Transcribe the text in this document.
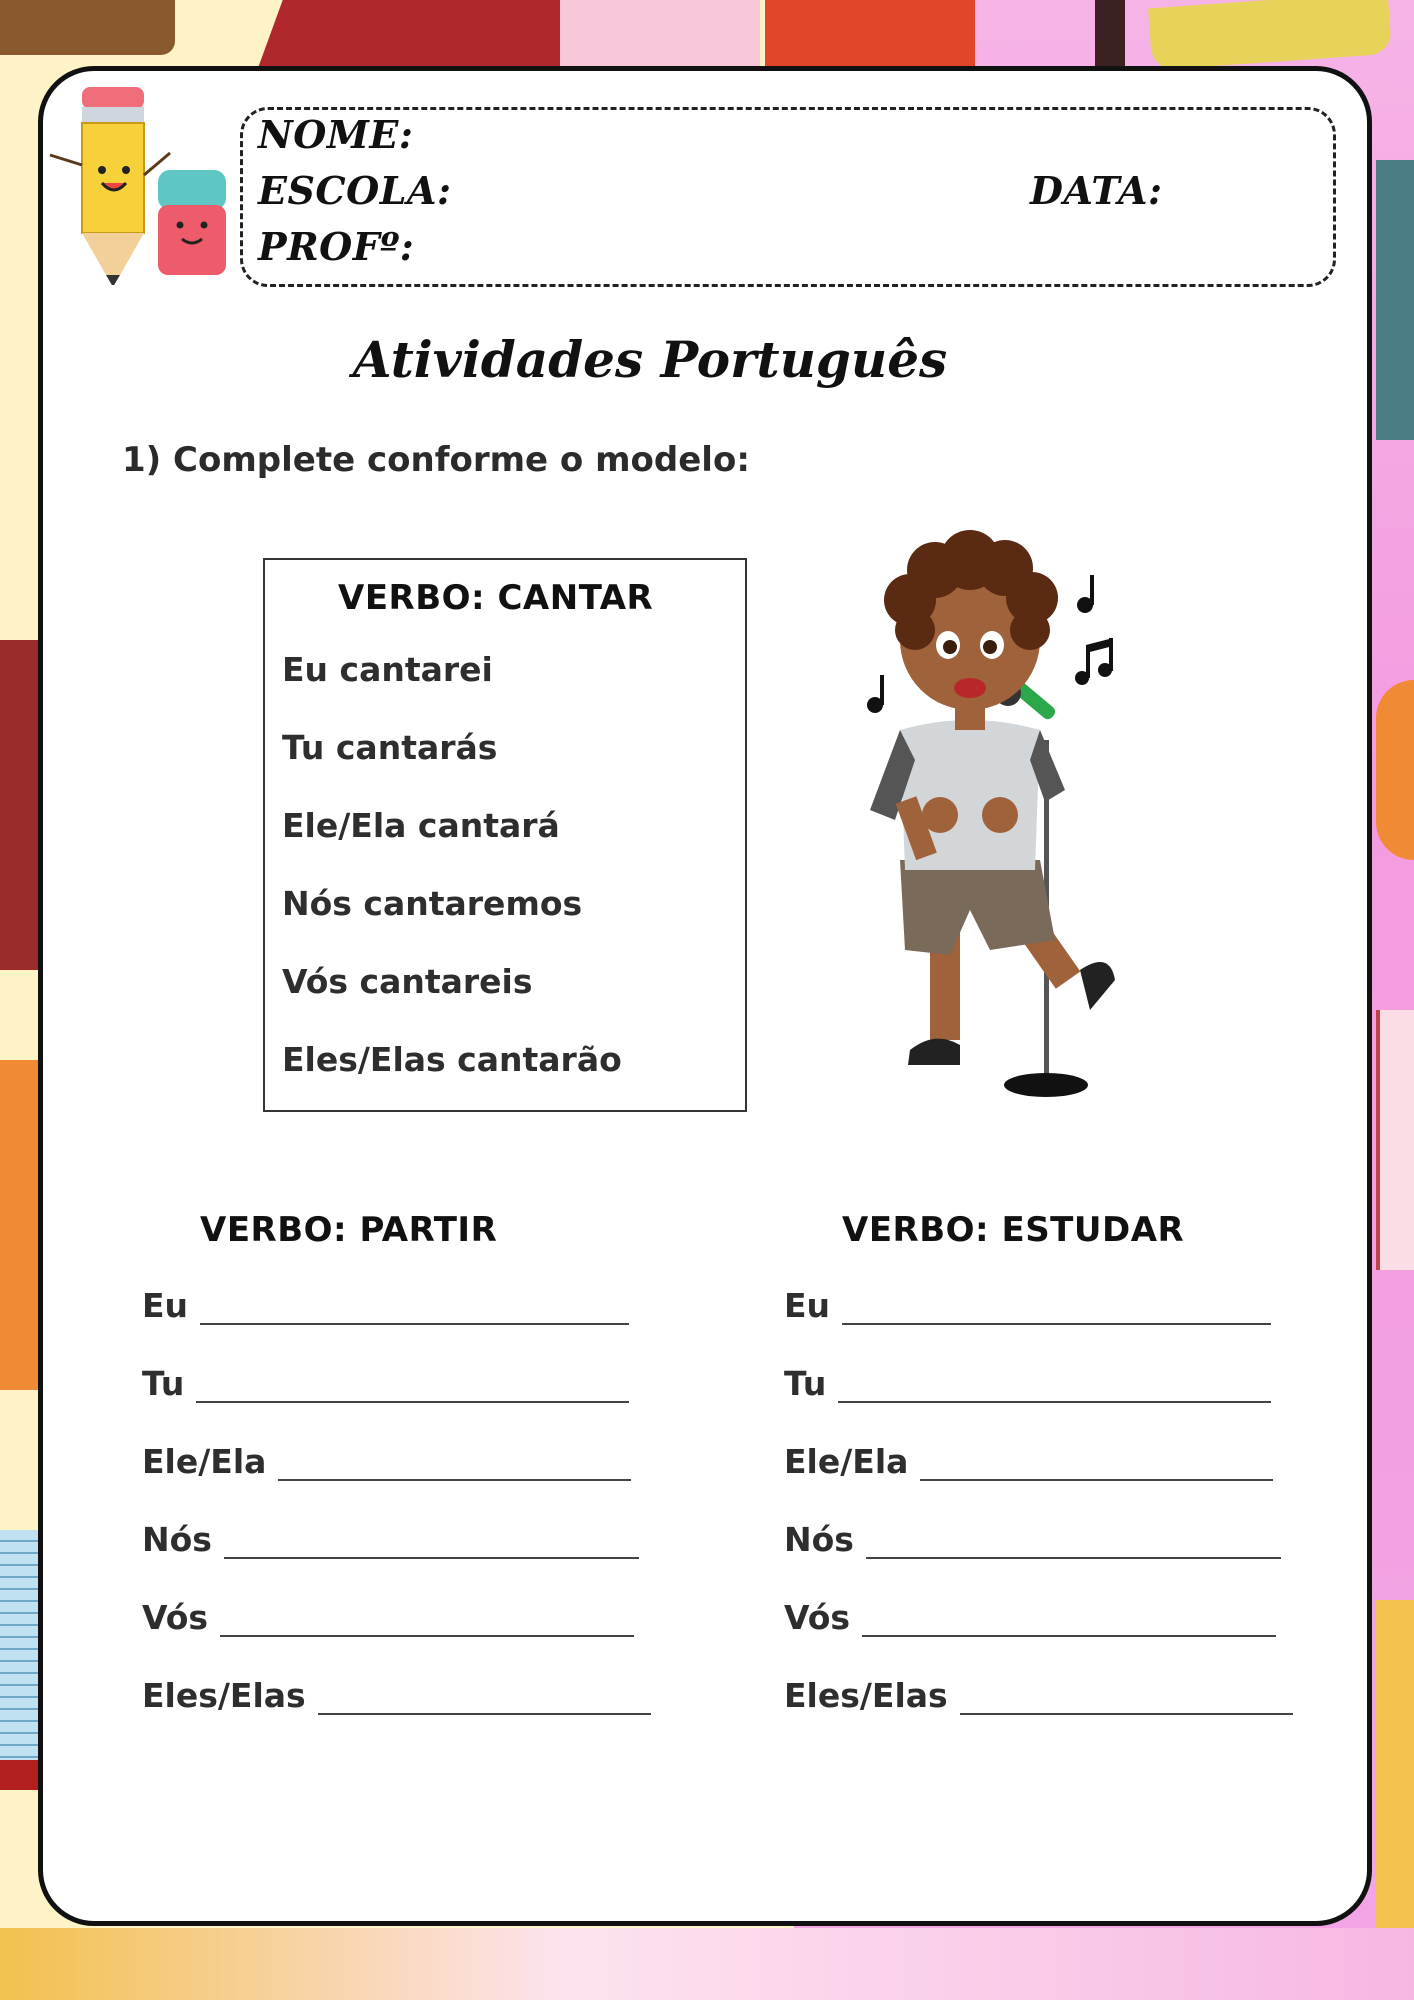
NOME:
ESCOLA:	DATA:
PROFº:
Atividades Português
1) Complete conforme o modelo:
VERBO: CANTAR
Eu cantarei
Tu cantarás
Ele/Ela cantará
Nós cantaremos
Vós cantareis
Eles/Elas cantarão
VERBO: PARTIR
Eu
Tu
Ele/Ela
Nós
Vós
Eles/Elas
VERBO: ESTUDAR
Eu
Tu
Ele/Ela
Nós
Vós
Eles/Elas
